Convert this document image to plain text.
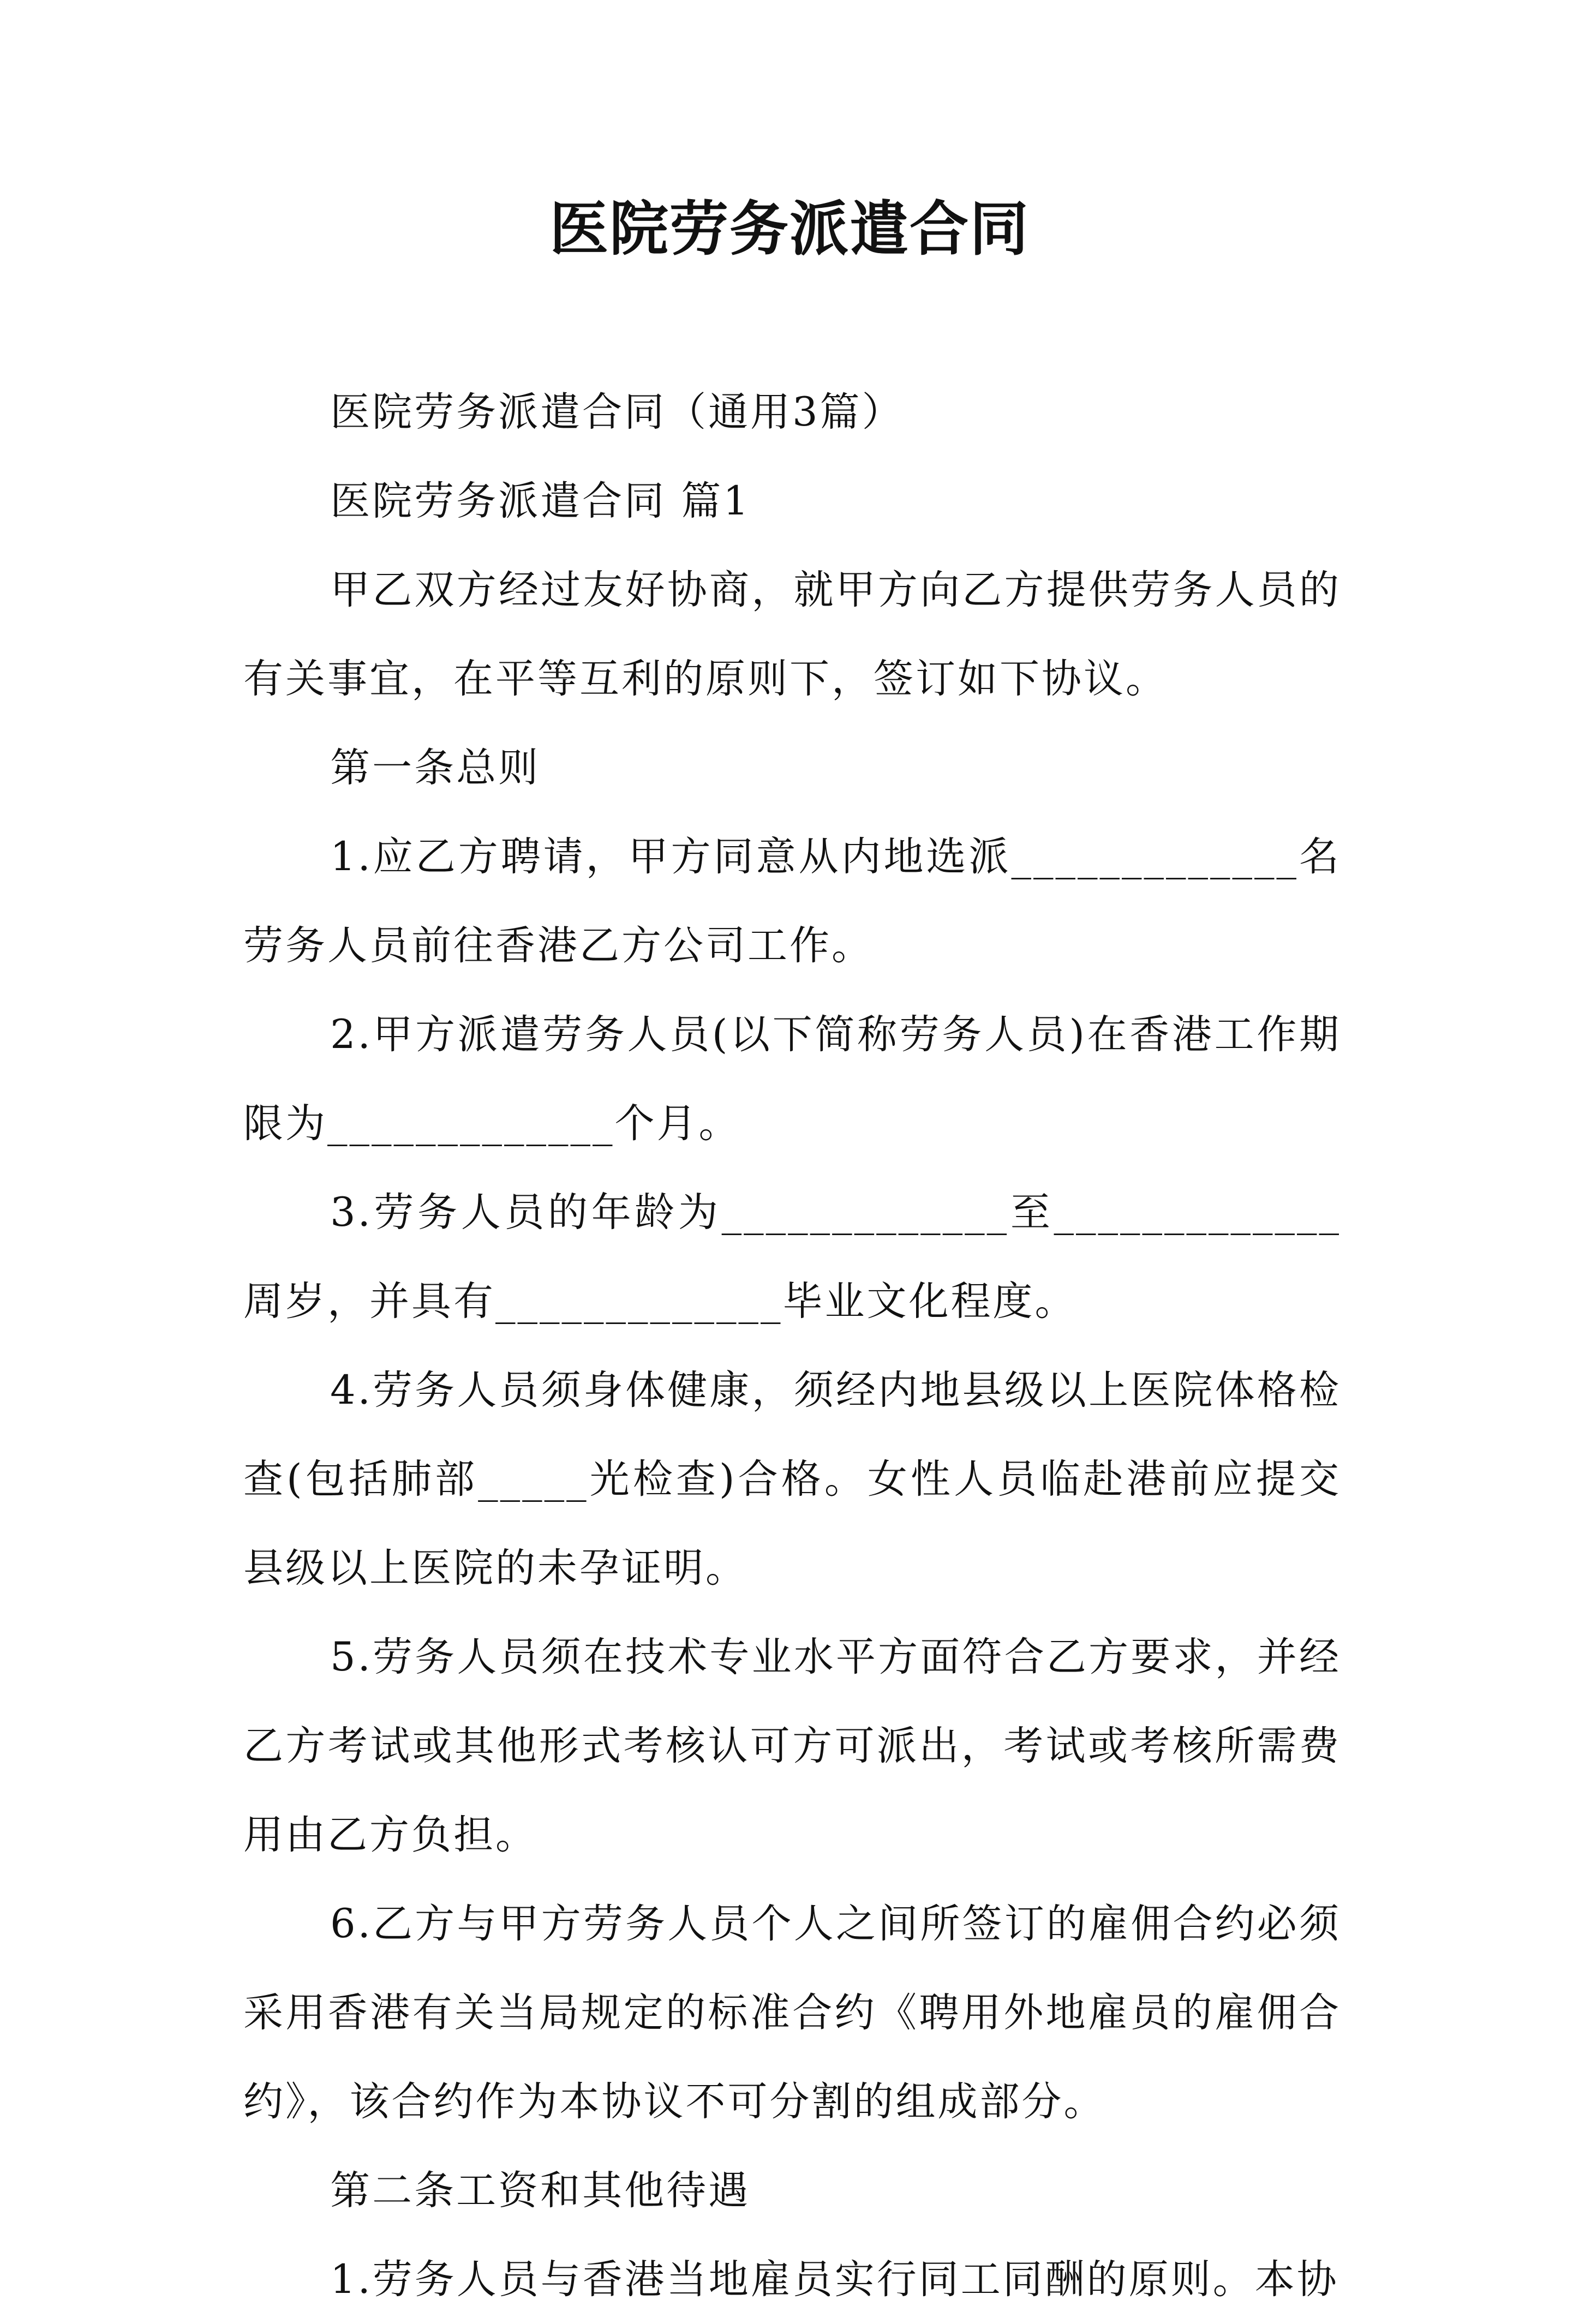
医院劳务派遣合同

医院劳务派遣合同（通用3篇）

医院劳务派遣合同 篇1

甲乙双方经过友好协商，就甲方向乙方提供劳务人员的有关事宜，在平等互利的原则下，签订如下协议。

第一条总则

1.应乙方聘请，甲方同意从内地选派_____________名劳务人员前往香港乙方公司工作。

2.甲方派遣劳务人员(以下简称劳务人员)在香港工作期限为_____________个月。

3.劳务人员的年龄为_____________至_____________周岁，并具有_____________毕业文化程度。

4.劳务人员须身体健康，须经内地县级以上医院体格检查(包括肺部_____光检查)合格。女性人员临赴港前应提交县级以上医院的未孕证明。

5.劳务人员须在技术专业水平方面符合乙方要求，并经乙方考试或其他形式考核认可方可派出，考试或考核所需费用由乙方负担。

6.乙方与甲方劳务人员个人之间所签订的雇佣合约必须采用香港有关当局规定的标准合约《聘用外地雇员的雇佣合约》，该合约作为本协议不可分割的组成部分。

第二条工资和其他待遇

1.劳务人员与香港当地雇员实行同工同酬的原则。本协
